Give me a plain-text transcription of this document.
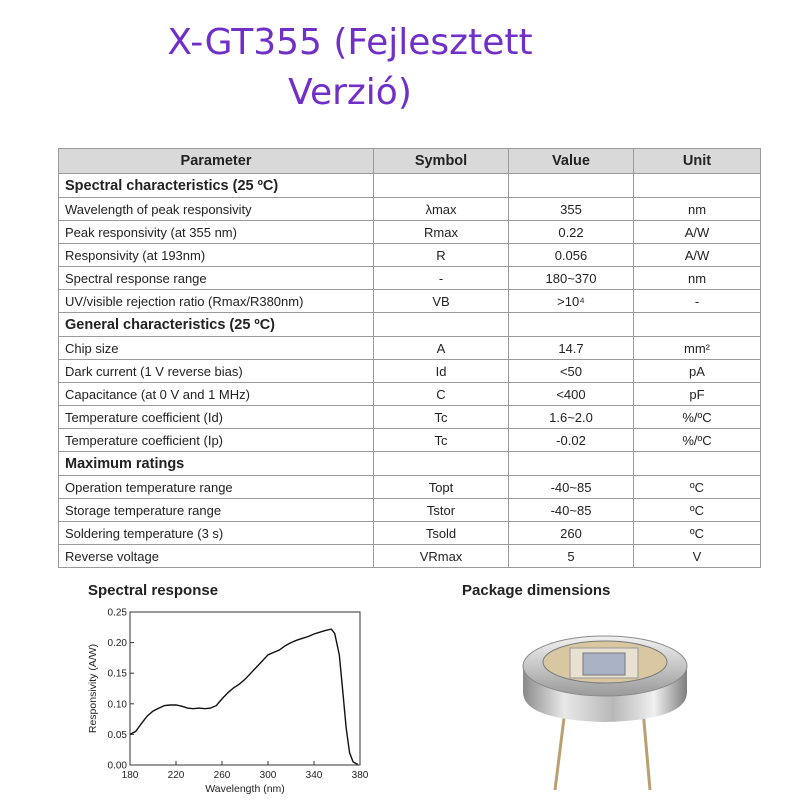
X-GT355 (Fejlesztett
Verzió)
Parameter	Symbol	Value	Unit
Spectral characteristics (25 ºC)			
Wavelength of peak responsivity	λmax	355	nm
Peak responsivity (at 355 nm)	Rmax	0.22	A/W
Responsivity (at 193nm)	R	0.056	A/W
Spectral response range	-	180~370	nm
UV/visible rejection ratio (Rmax/R380nm)	VB	>10⁴	-
General characteristics (25 ºC)			
Chip size	A	14.7	mm²
Dark current (1 V reverse bias)	Id	<50	pA
Capacitance (at 0 V and 1 MHz)	C	<400	pF
Temperature coefficient (Id)	Tc	1.6~2.0	%/ºC
Temperature coefficient (Ip)	Tc	-0.02	%/ºC
Maximum ratings			
Operation temperature range	Topt	-40~85	ºC
Storage temperature range	Tstor	-40~85	ºC
Soldering temperature (3 s)	Tsold	260	ºC
Reverse voltage	VRmax	5	V
Spectral response	Package dimensions
180	220	260	300	340	380
0.00
0.05
0.10
0.15
0.20
0.25
Wavelength (nm)
Responsivity (A/W)
